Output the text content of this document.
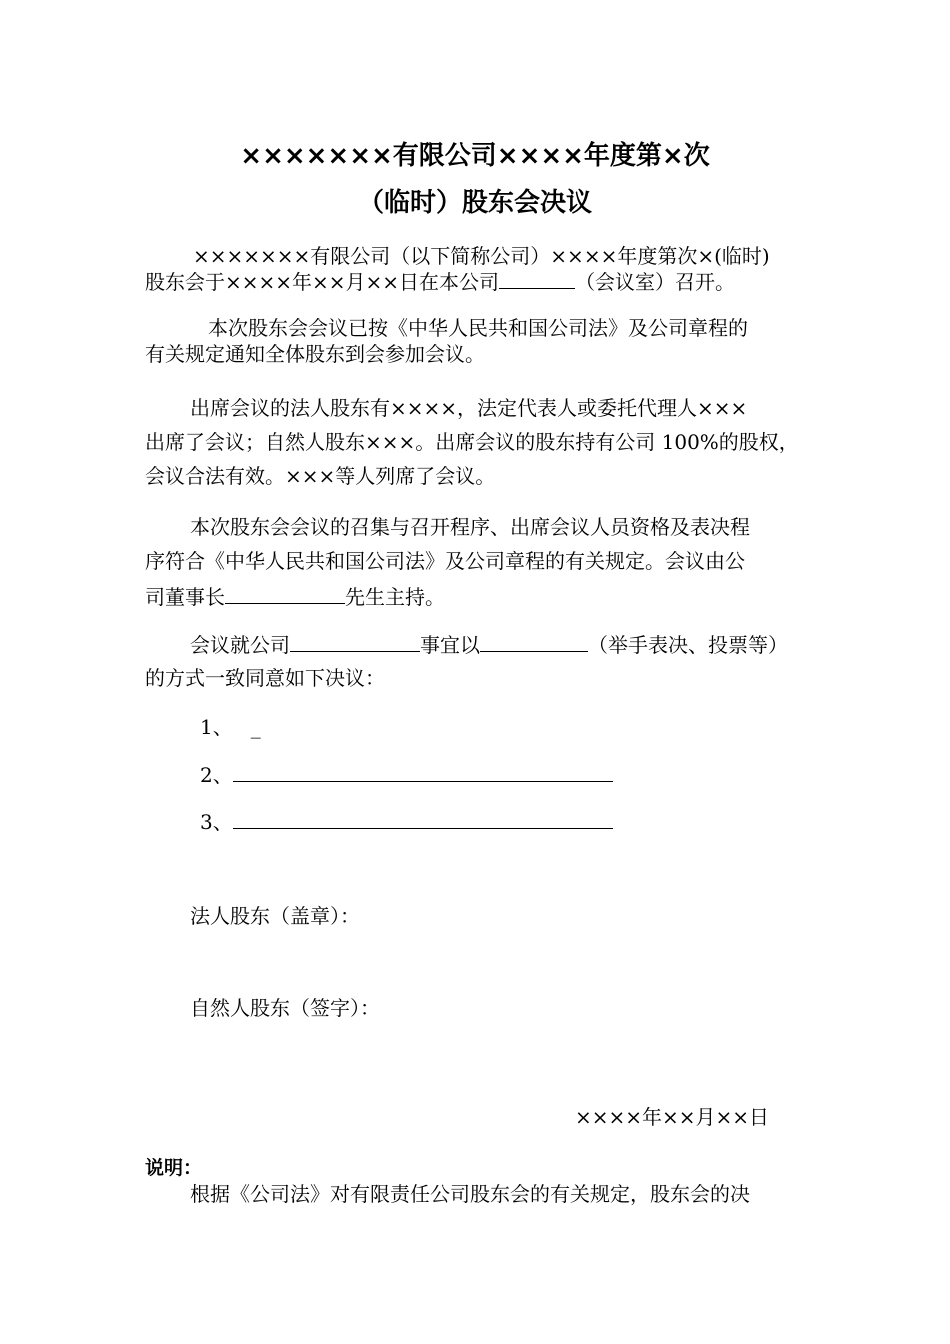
×××××××有限公司××××年度第×次
（临时）股东会决议
×××××××有限公司（以下简称公司）××××年度第次×(临时)
股东会于××××年××月××日在本公司	（会议室）召开。
本次股东会会议已按《中华人民共和国公司法》及公司章程的
有关规定通知全体股东到会参加会议。
出席会议的法人股东有××××，法定代表人或委托代理人×××
出席了会议；自然人股东×××。出席会议的股东持有公司 100%的股权，
会议合法有效。×××等人列席了会议。
本次股东会会议的召集与召开程序、出席会议人员资格及表决程
序符合《中华人民共和国公司法》及公司章程的有关规定。会议由公
司董事长	先生主持。
会议就公司	事宜以	（举手表决、投票等）
的方式一致同意如下决议：
1、 _
2、
3、
法人股东（盖章）：
自然人股东（签字）：
××××年××月××日
说明：
根据《公司法》对有限责任公司股东会的有关规定，股东会的决
